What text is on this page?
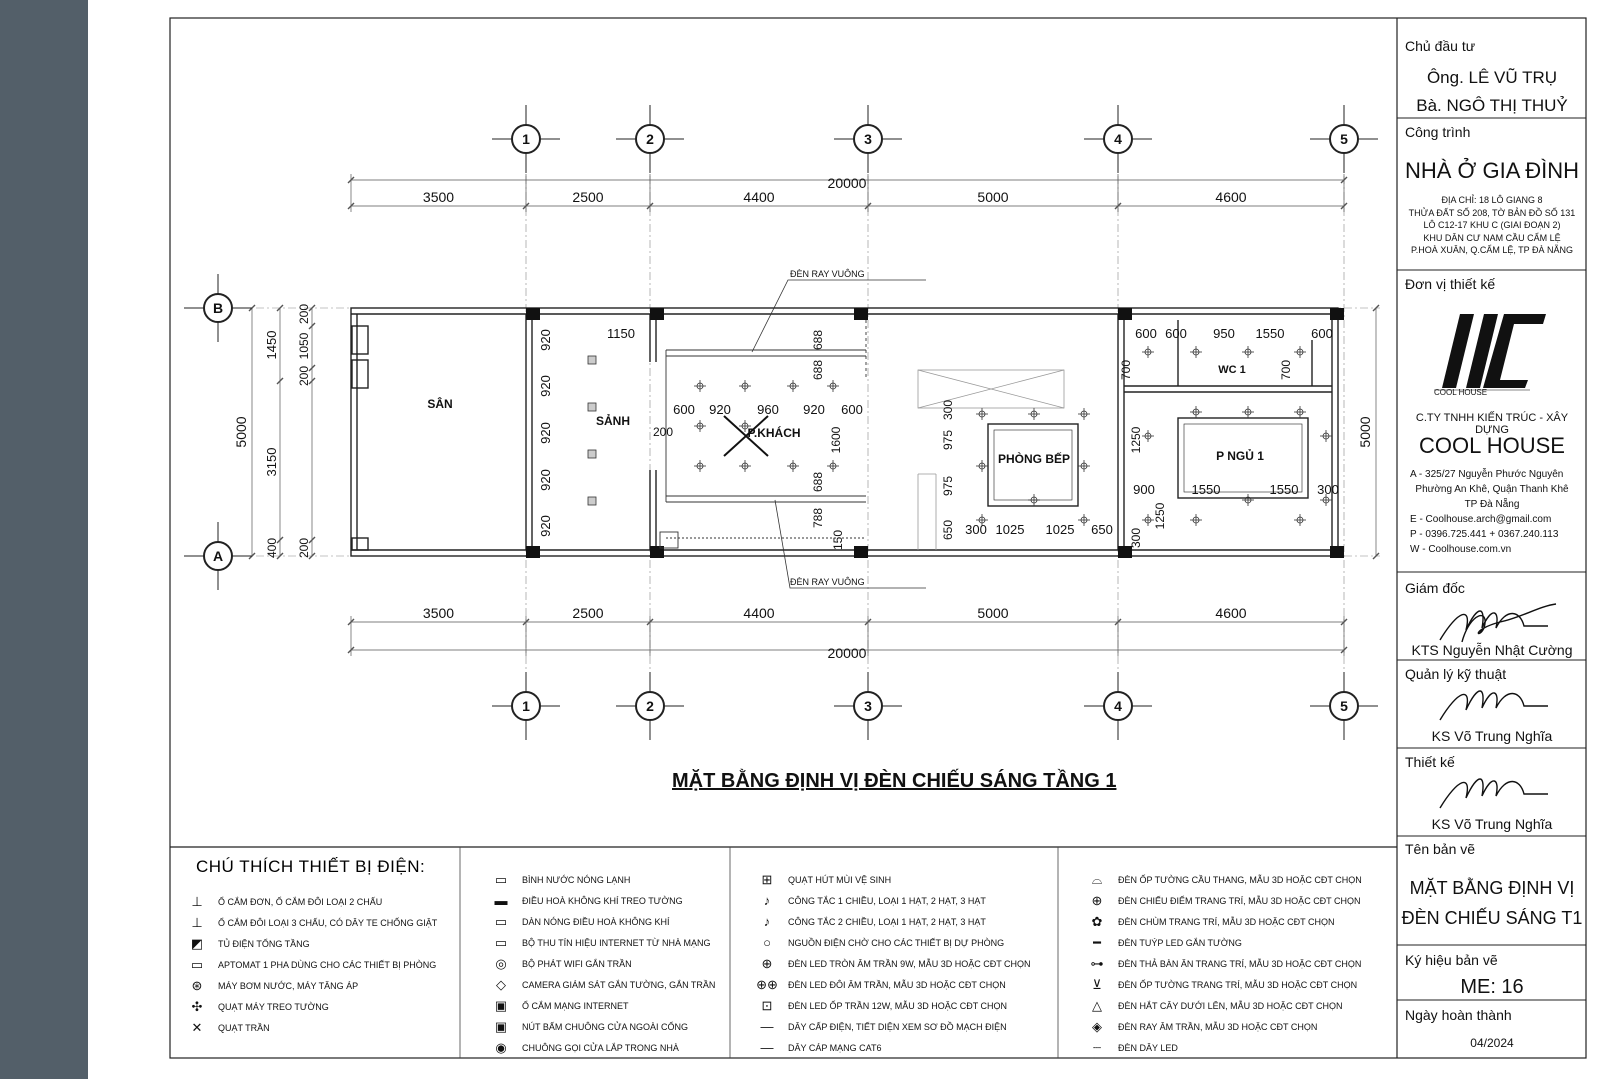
1	2	3	4	5
1	2	3	4	5
B
A
20000
3500	2500	4400	5000	4600
20000
3500	2500	4400	5000	4600
5000	5000
1450
3150
400
200
1050
200
200
SÂN
SẢNH
P.KHÁCH
PHÒNG BẾP
WC 1
P NGỦ 1
ĐÈN RAY VUÔNG
ĐÈN RAY VUÔNG
1150
920
920
920
920
920
600 920 960 920 600
200
688
688
688
1600
788
150
300
975
975
650 300 1025 1025 650
600 600 950 1550 600
700	700
1250
900	1550	1550 300
1250
300
MẶT BẰNG ĐỊNH VỊ ĐÈN CHIẾU SÁNG TẦNG 1
CHÚ THÍCH THIẾT BỊ ĐIỆN:
⊥	Ổ CẮM ĐƠN, Ổ CẮM ĐÔI LOẠI 2 CHẤU
⊥	Ổ CẮM ĐÔI LOẠI 3 CHẤU, CÓ DÂY TE CHỐNG GIẬT
◩	TỦ ĐIỆN TỔNG TẦNG
▭	APTOMAT 1 PHA DÙNG CHO CÁC THIẾT BỊ PHÒNG
⊛	MÁY BƠM NƯỚC, MÁY TĂNG ÁP
✣	QUẠT MÁY TREO TƯỜNG
✕	QUẠT TRẦN
▭	BÌNH NƯỚC NÓNG LẠNH
▬	ĐIỀU HOÀ KHÔNG KHÍ TREO TƯỜNG
▭	DÀN NÓNG ĐIỀU HOÀ KHÔNG KHÍ
▭	BỘ THU TÍN HIỆU INTERNET TỪ NHÀ MẠNG
◎	BỘ PHÁT WIFI GẮN TRẦN
◇	CAMERA GIÁM SÁT GẮN TƯỜNG, GẮN TRẦN
▣	Ổ CẮM MẠNG INTERNET
▣	NÚT BẤM CHUÔNG CỬA NGOÀI CỔNG
◉	CHUÔNG GỌI CỬA LẮP TRONG NHÀ
⊞	QUẠT HÚT MÙI VỆ SINH
♪	CÔNG TẮC 1 CHIỀU, LOẠI 1 HẠT, 2 HẠT, 3 HẠT
♪	CÔNG TẮC 2 CHIỀU, LOẠI 1 HẠT, 2 HẠT, 3 HẠT
○	NGUỒN ĐIỆN CHỜ CHO CÁC THIẾT BỊ DỰ PHÒNG
⊕	ĐÈN LED TRÒN ÂM TRẦN 9W, MẪU 3D HOẶC CĐT CHỌN
⊕⊕	ĐÈN LED ĐÔI ÂM TRẦN, MẪU 3D HOẶC CĐT CHỌN
⊡	ĐÈN LED ỐP TRẦN 12W, MẪU 3D HOẶC CĐT CHỌN
—	DÂY CẤP ĐIỆN, TIẾT DIỆN XEM SƠ ĐỒ MẠCH ĐIỆN
—	DÂY CÁP MẠNG CAT6
⌓	ĐÈN ỐP TƯỜNG CẦU THANG, MẪU 3D HOẶC CĐT CHỌN
⊕	ĐÈN CHIẾU ĐIỂM TRANG TRÍ, MẪU 3D HOẶC CĐT CHỌN
✿	ĐÈN CHÙM TRANG TRÍ, MẪU 3D HOẶC CĐT CHỌN
━	ĐÈN TUÝP LED GẮN TƯỜNG
⊶	ĐÈN THẢ BÀN ĂN TRANG TRÍ, MẪU 3D HOẶC CĐT CHỌN
⊻	ĐÈN ỐP TƯỜNG TRANG TRÍ, MẪU 3D HOẶC CĐT CHỌN
△	ĐÈN HẮT CÂY DƯỚI LÊN, MẪU 3D HOẶC CĐT CHỌN
◈	ĐÈN RAY ÂM TRẦN, MẪU 3D HOẶC CĐT CHỌN
┈	ĐÈN DÂY LED
Chủ đầu tư
Ông. LÊ VŨ TRỤ
Bà. NGÔ THỊ THUỶ
Công trình
NHÀ Ở GIA ĐÌNH
Đơn vị thiết kế
COOL HOUSE
C.TY TNHH KIẾN TRÚC - XÂY DỰNG
COOL HOUSE
Giám đốc
KTS Nguyễn Nhật Cường
Quản lý kỹ thuật
KS Võ Trung Nghĩa
Thiết kế
KS Võ Trung Nghĩa
Tên bản vẽ
MẶT BẰNG ĐỊNH VỊ
ĐÈN CHIẾU SÁNG T1
Ký hiệu bản vẽ
ME: 16
Ngày hoàn thành
04/2024
ĐỊA CHỈ: 18 LÔ GIANG 8
THỬA ĐẤT SỐ 208, TỜ BẢN ĐỒ SỐ 131
LÔ C12-17 KHU C (GIAI ĐOẠN 2)
KHU DÂN CƯ NAM CẦU CẨM LỆ
P.HOÀ XUÂN, Q.CẨM LỆ, TP ĐÀ NẴNG
A - 325/27 Nguyễn Phước Nguyên
Phường An Khê, Quận Thanh Khê
TP Đà Nẵng
E - Coolhouse.arch@gmail.com
P - 0396.725.441 + 0367.240.113
W - Coolhouse.com.vn
